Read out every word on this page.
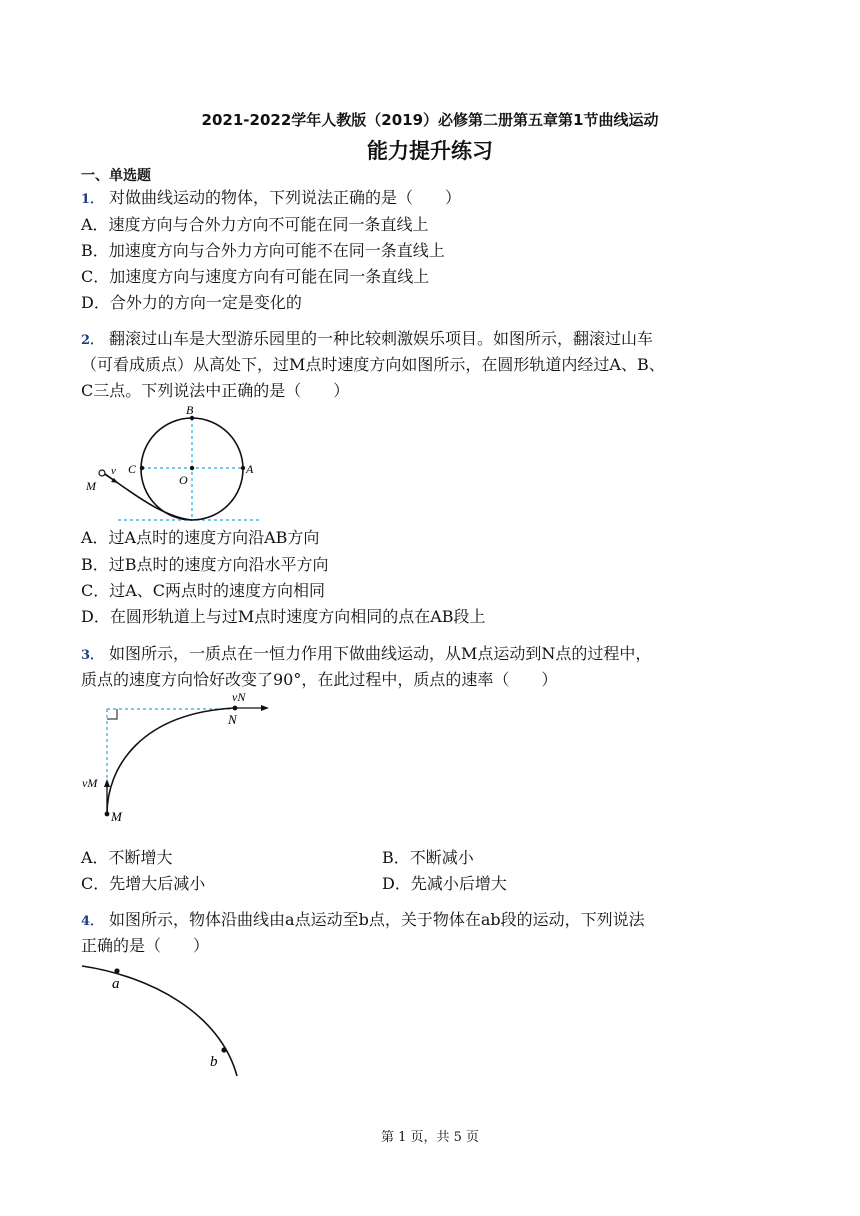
2021-2022学年人教版（2019）必修第二册第五章第1节曲线运动
能力提升练习
一、单选题
1． 对做曲线运动的物体，下列说法正确的是（　　）
A．速度方向与合外力方向不可能在同一条直线上
B．加速度方向与合外力方向可能不在同一条直线上
C．加速度方向与速度方向有可能在同一条直线上
D．合外力的方向一定是变化的
2． 翻滚过山车是大型游乐园里的一种比较刺激娱乐项目。如图所示，翻滚过山车
（可看成质点）从高处下，过M点时速度方向如图所示，在圆形轨道内经过A、B、
C三点。下列说法中正确的是（　　）
B
C	A
O
M
v
A．过A点时的速度方向沿AB方向
B．过B点时的速度方向沿水平方向
C．过A、C两点时的速度方向相同
D．在圆形轨道上与过M点时速度方向相同的点在AB段上
3． 如图所示，一质点在一恒力作用下做曲线运动，从M点运动到N点的过程中，
质点的速度方向恰好改变了90°，在此过程中，质点的速率（　　）
vN
N
vM
M
A．不断增大	B．不断减小
C．先增大后减小	D．先减小后增大
4． 如图所示，物体沿曲线由a点运动至b点，关于物体在ab段的运动，下列说法
正确的是（　　）
a
b
第 1 页，共 5 页
